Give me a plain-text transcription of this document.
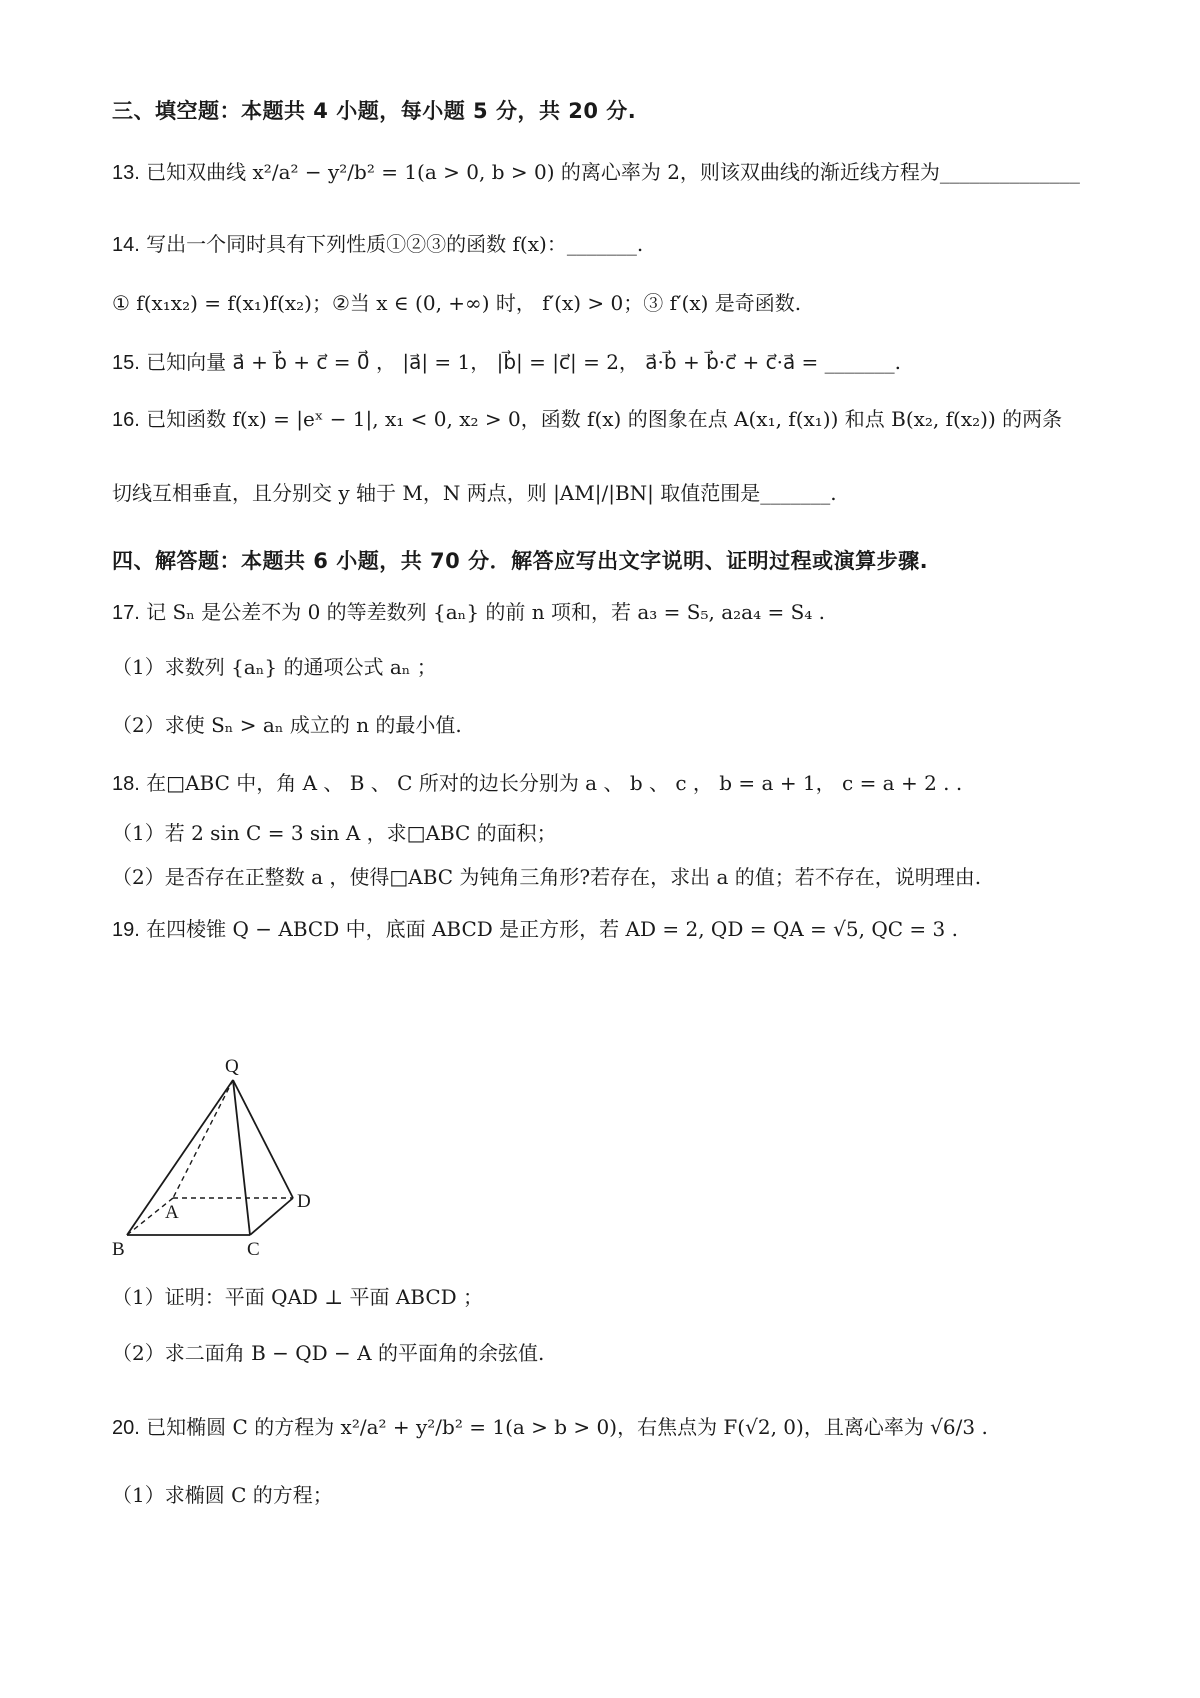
三、填空题：本题共 4 小题，每小题 5 分，共 20 分.
13. 已知双曲线 x²/a² − y²/b² = 1(a > 0, b > 0) 的离心率为 2，则该双曲线的渐近线方程为______________
14. 写出一个同时具有下列性质①②③的函数 f(x)：_______.
① f(x₁x₂) = f(x₁)f(x₂)；②当 x ∈ (0, +∞) 时， f′(x) > 0；③ f′(x) 是奇函数.
15. 已知向量 a⃗ + b⃗ + c⃗ = 0⃗ ， |a⃗| = 1， |b⃗| = |c⃗| = 2， a⃗·b⃗ + b⃗·c⃗ + c⃗·a⃗ = _______.
16. 已知函数 f(x) = |eˣ − 1|, x₁ < 0, x₂ > 0，函数 f(x) 的图象在点 A(x₁, f(x₁)) 和点 B(x₂, f(x₂)) 的两条
切线互相垂直，且分别交 y 轴于 M，N 两点，则 |AM|/|BN| 取值范围是_______.
四、解答题：本题共 6 小题，共 70 分．解答应写出文字说明、证明过程或演算步骤.
17. 记 Sₙ 是公差不为 0 的等差数列 {aₙ} 的前 n 项和，若 a₃ = S₅, a₂a₄ = S₄ .
（1）求数列 {aₙ} 的通项公式 aₙ ；
（2）求使 Sₙ > aₙ 成立的 n 的最小值.
18. 在□ABC 中，角 A 、 B 、 C 所对的边长分别为 a 、 b 、 c ， b = a + 1， c = a + 2 . .
（1）若 2 sin C = 3 sin A ，求□ABC 的面积；
（2）是否存在正整数 a ，使得□ABC 为钝角三角形?若存在，求出 a 的值；若不存在，说明理由.
19. 在四棱锥 Q − ABCD 中，底面 ABCD 是正方形，若 AD = 2, QD = QA = √5, QC = 3 .
Q
A
D
B	C
（1）证明：平面 QAD ⊥ 平面 ABCD ；
（2）求二面角 B − QD − A 的平面角的余弦值.
20. 已知椭圆 C 的方程为 x²/a² + y²/b² = 1(a > b > 0)，右焦点为 F(√2, 0)，且离心率为 √6/3 .
（1）求椭圆 C 的方程；
